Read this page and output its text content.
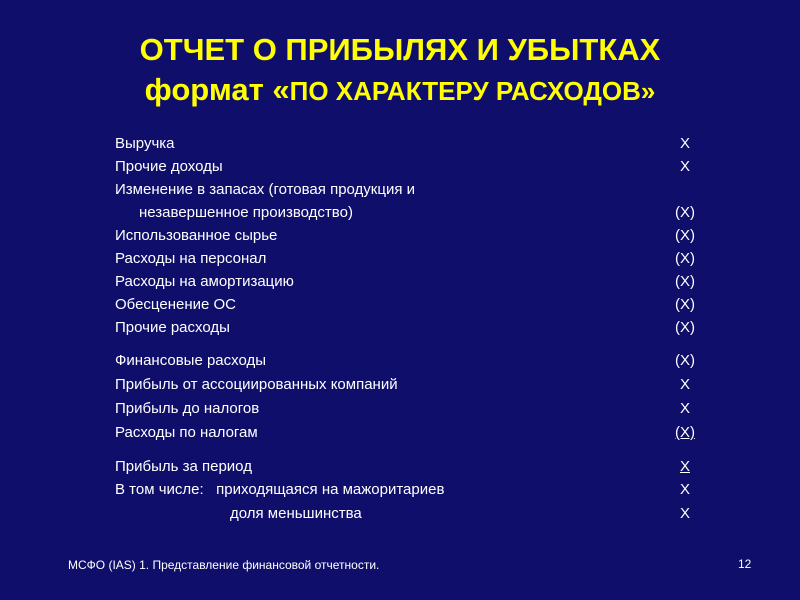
ОТЧЕТ О ПРИБЫЛЯХ И УБЫТКАХ
формат «ПО ХАРАКТЕРУ РАСХОДОВ»
Выручка	X
Прочие доходы	X
Изменение в запасах (готовая продукция и
незавершенное производство)	(X)
Использованное сырье	(X)
Расходы на персонал	(X)
Расходы на амортизацию	(X)
Обесценение ОС	(X)
Прочие расходы	(X)
Финансовые расходы	(X)
Прибыль от ассоциированных компаний	X
Прибыль до налогов	X
Расходы по налогам	(X)
Прибыль за период	X
В том числе:   приходящаяся на мажоритариев	X
доля меньшинства	X
МСФО (IAS) 1. Представление финансовой отчетности.	12
